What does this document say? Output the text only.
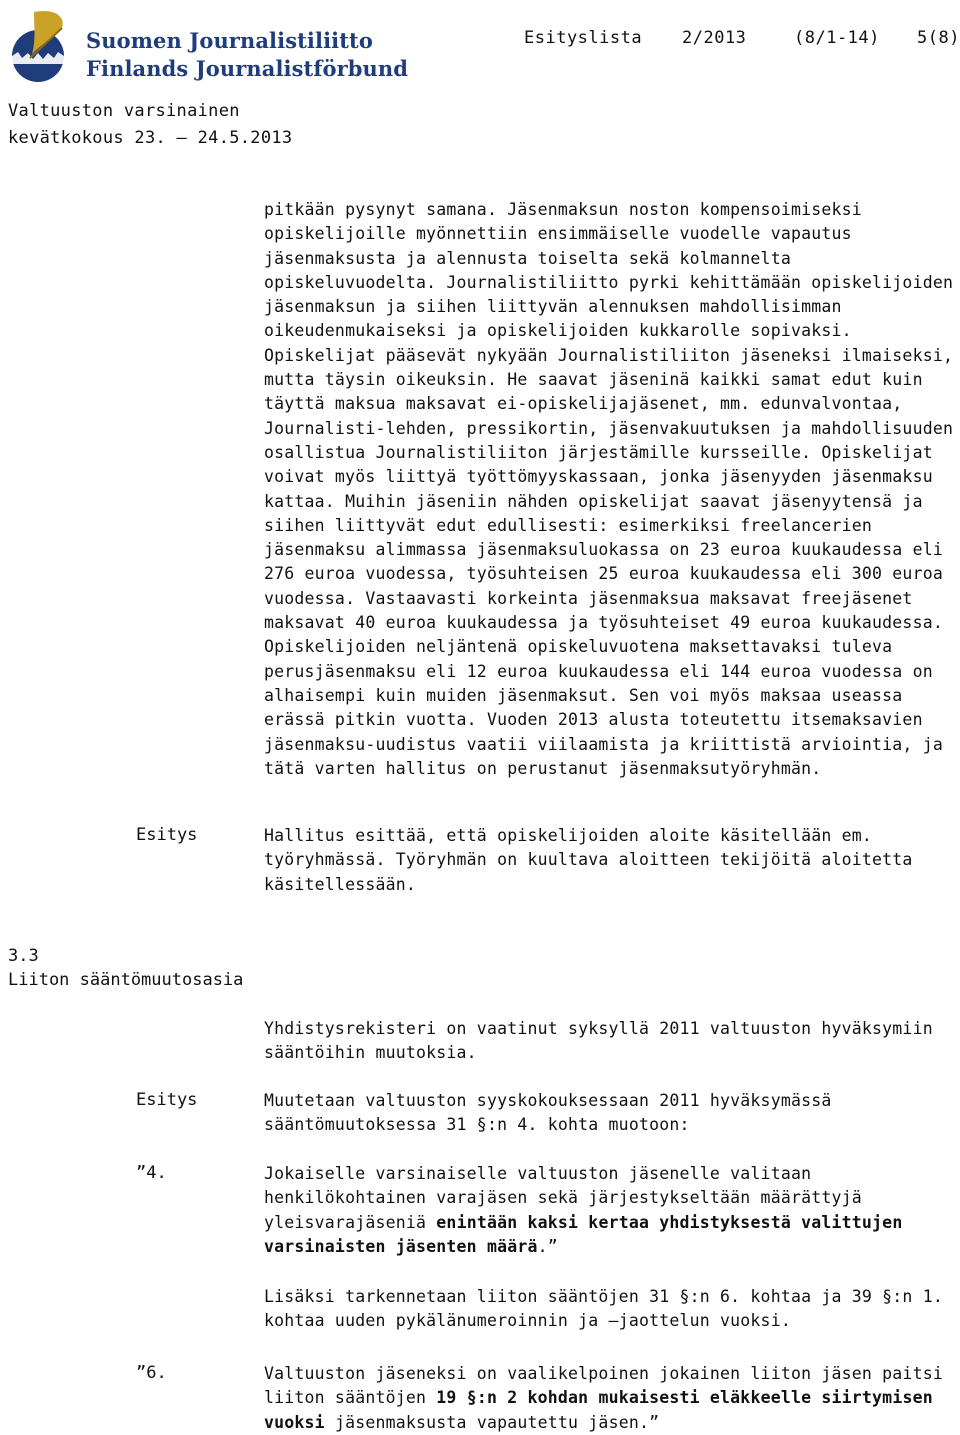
Suomen Journalistiliitto
Finlands Journalistförbund
Esityslista 2/2013	(8/1-14) 5(8)
Valtuuston varsinainen
kevätkokous 23. – 24.5.2013
pitkään pysynyt samana. Jäsenmaksun noston kompensoimiseksi opiskelijoille myönnettiin ensimmäiselle vuodelle vapautus jäsenmaksusta ja alennusta toiselta sekä kolmannelta opiskeluvuodelta. Journalistiliitto pyrki kehittämään opiskelijoiden jäsenmaksun ja siihen liittyvän alennuksen mahdollisimman oikeudenmukaiseksi ja opiskelijoiden kukkarolle sopivaksi. Opiskelijat pääsevät nykyään Journalistiliiton jäseneksi ilmaiseksi, mutta täysin oikeuksin. He saavat jäseninä kaikki samat edut kuin täyttä maksua maksavat ei-opiskelijajäsenet, mm. edunvalvontaa, Journalisti-lehden, pressikortin, jäsenvakuutuksen ja mahdollisuuden osallistua Journalistiliiton järjestämille kursseille. Opiskelijat voivat myös liittyä työttömyyskassaan, jonka jäsenyyden jäsenmaksu kattaa. Muihin jäseniin nähden opiskelijat saavat jäsenyytensä ja siihen liittyvät edut edullisesti: esimerkiksi freelancerien jäsenmaksu alimmassa jäsenmaksuluokassa on 23 euroa kuukaudessa eli 276 euroa vuodessa, työsuhteisen 25 euroa kuukaudessa eli 300 euroa vuodessa. Vastaavasti korkeinta jäsenmaksua maksavat freejäsenet maksavat 40 euroa kuukaudessa ja työsuhteiset 49 euroa kuukaudessa. Opiskelijoiden neljäntenä opiskeluvuotena maksettavaksi tuleva perusjäsenmaksu eli 12 euroa kuukaudessa eli 144 euroa vuodessa on alhaisempi kuin muiden jäsenmaksut. Sen voi myös maksaa useassa erässä pitkin vuotta. Vuoden 2013 alusta toteutettu itsemaksavien jäsenmaksu-uudistus vaatii viilaamista ja kriittistä arviointia, ja tätä varten hallitus on perustanut jäsenmaksutyöryhmän.
Esitys	Hallitus esittää, että opiskelijoiden aloite käsitellään em. työryhmässä. Työryhmän on kuultava aloitteen tekijöitä aloitetta käsitellessään.
3.3
Liiton sääntömuutosasia
Yhdistysrekisteri on vaatinut syksyllä 2011 valtuuston hyväksymiin sääntöihin muutoksia.
Esitys	Muutetaan valtuuston syyskokouksessaan 2011 hyväksymässä sääntömuutoksessa 31 §:n 4. kohta muotoon:
”4.	Jokaiselle varsinaiselle valtuuston jäsenelle valitaan henkilökohtainen varajäsen sekä järjestykseltään määrättyjä yleisvarajäseniä enintään kaksi kertaa yhdistyksestä valittujen varsinaisten jäsenten määrä.”
Lisäksi tarkennetaan liiton sääntöjen 31 §:n 6. kohtaa ja 39 §:n 1. kohtaa uuden pykälänumeroinnin ja –jaottelun vuoksi.
”6.	Valtuuston jäseneksi on vaalikelpoinen jokainen liiton jäsen paitsi liiton sääntöjen 19 §:n 2 kohdan mukaisesti eläkkeelle siirtymisen vuoksi jäsenmaksusta vapautettu jäsen.”
